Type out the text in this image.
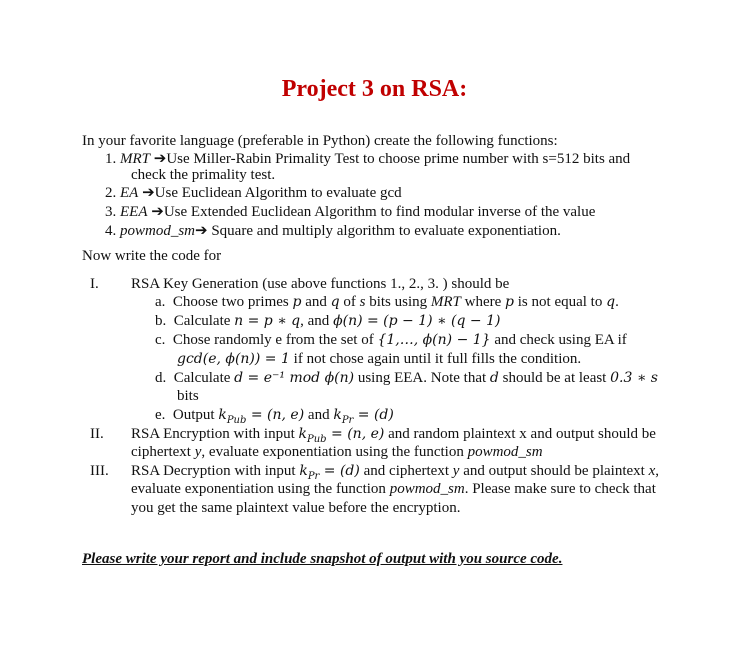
Project 3 on RSA:
In your favorite language (preferable in Python) create the following functions:
1. MRT ➔Use Miller-Rabin Primality Test to choose prime number with s=512 bits and
check the primality test.
2. EA ➔Use Euclidean Algorithm to evaluate gcd
3. EEA ➔Use Extended Euclidean Algorithm to find modular inverse of the value
4. powmod_sm➔ Square and multiply algorithm to evaluate exponentiation.
Now write the code for
I. RSA Key Generation (use above functions 1., 2., 3. ) should be
a. Choose two primes p and q of s bits using MRT where p is not equal to q.
b. Calculate n = p ∗ q, and ϕ(n) = (p − 1) ∗ (q − 1)
c. Chose randomly e from the set of {1,…, ϕ(n) − 1} and check using EA if
gcd(e, ϕ(n)) = 1 if not chose again until it full fills the condition.
d. Calculate d = e⁻¹ mod ϕ(n) using EEA. Note that d should be at least 0.3 ∗ s
bits
e. Output $k_{Pub} = (n$, e) and $k_{Pr} = (d)$
II. RSA Encryption with input $k_{Pub} = (n$, e) and random plaintext x and output should be
ciphertext y, evaluate exponentiation using the function powmod_sm
III. RSA Decryption with input $k_{Pr} = (d)$ and ciphertext y and output should be plaintext x,
evaluate exponentiation using the function powmod_sm. Please make sure to check that
you get the same plaintext value before the encryption.
Please write your report and include snapshot of output with you source code.
